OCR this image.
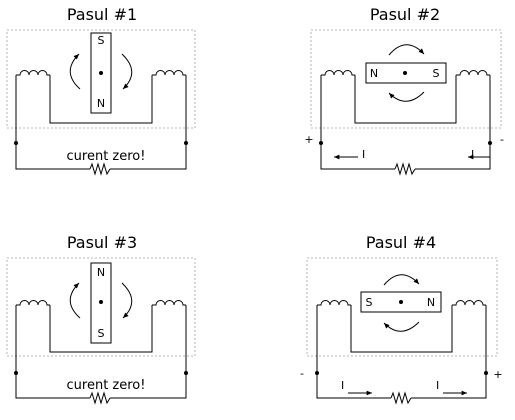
Pasul #1
curent zero!
S
N
Pasul #2
+	-
I	I
N	S
Pasul #3
curent zero!
N
S
Pasul #4
-	+
I	I
S	N
